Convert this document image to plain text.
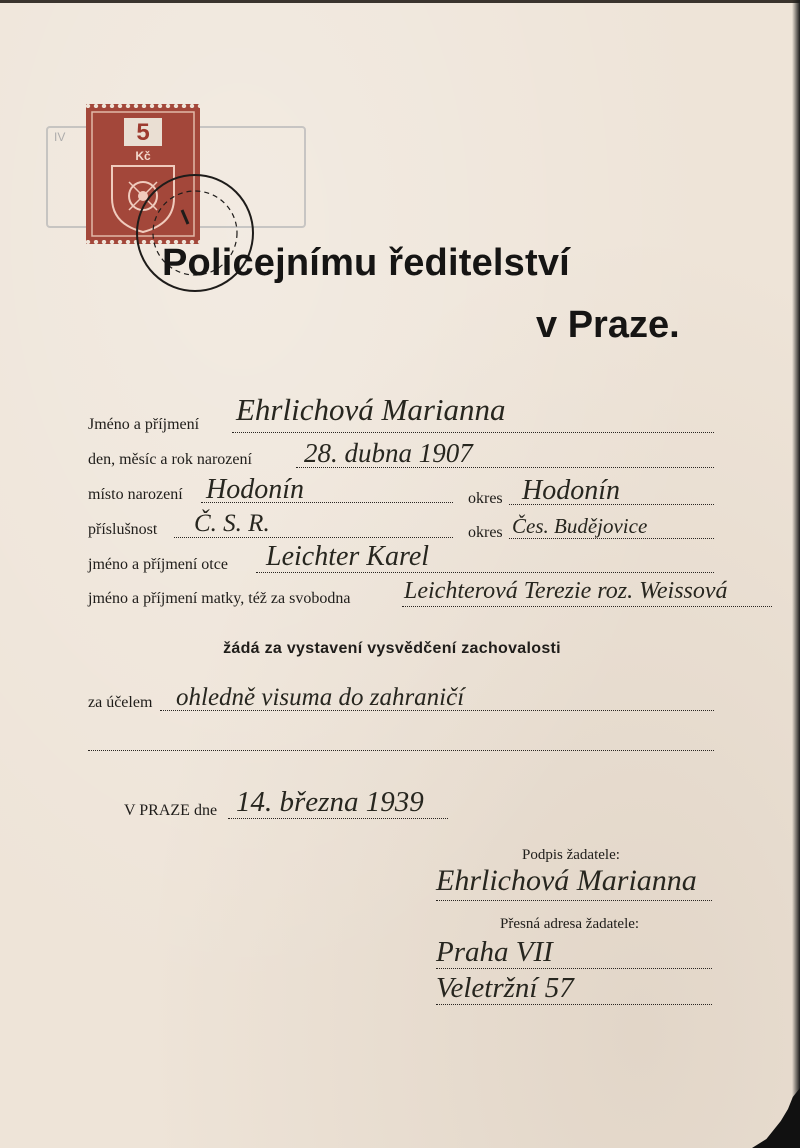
IV	5
Kč
Policejnímu ředitelství
v Praze.
Jméno a příjmení Ehrlichová Marianna
den, měsíc a rok narození 28. dubna 1907
místo narození Hodonín	okres Hodonín
příslušnost Č. S. R.	okres Čes. Budějovice
jméno a příjmení otce Leichter Karel
jméno a příjmení matky, též za svobodna Leichterová Terezie roz. Weissová
žádá za vystavení vysvědčení zachovalosti
za účelem ohledně visuma do zahraničí
V PRAZE dne 14. března 1939
Podpis žadatele:
Ehrlichová Marianna
Přesná adresa žadatele:
Praha VII
Veletržní 57
